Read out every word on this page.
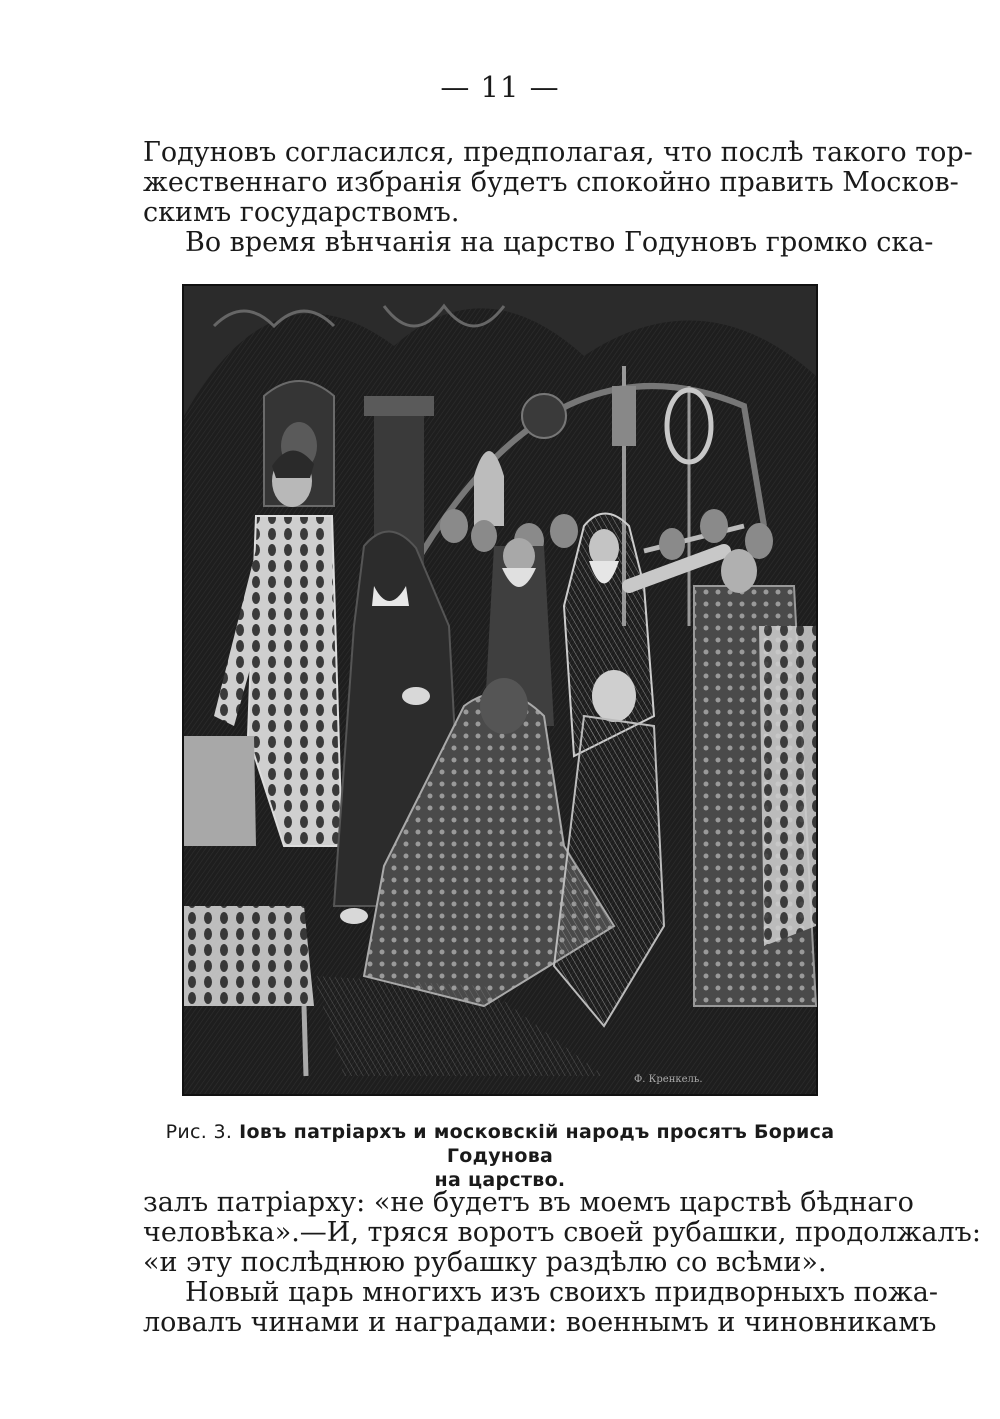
— 11 —
Годуновъ согласился, предполагая, что послѣ такого тор-
жественнаго избранія будетъ спокойно править Москов-
скимъ государствомъ.
Во время вѣнчанія на царство Годуновъ громко ска-
Ф. Кренкель.
Рис. 3. Іовъ патріархъ и московскій народъ просятъ Бориса Годунова
на царство.
залъ патріарху: «не будетъ въ моемъ царствѣ бѣднаго
человѣка».—И, тряся воротъ своей рубашки, продолжалъ:
«и эту послѣднюю рубашку раздѣлю со всѣми».
Новый царь многихъ изъ своихъ придворныхъ пожа-
ловалъ чинами и наградами: военнымъ и чиновникамъ
